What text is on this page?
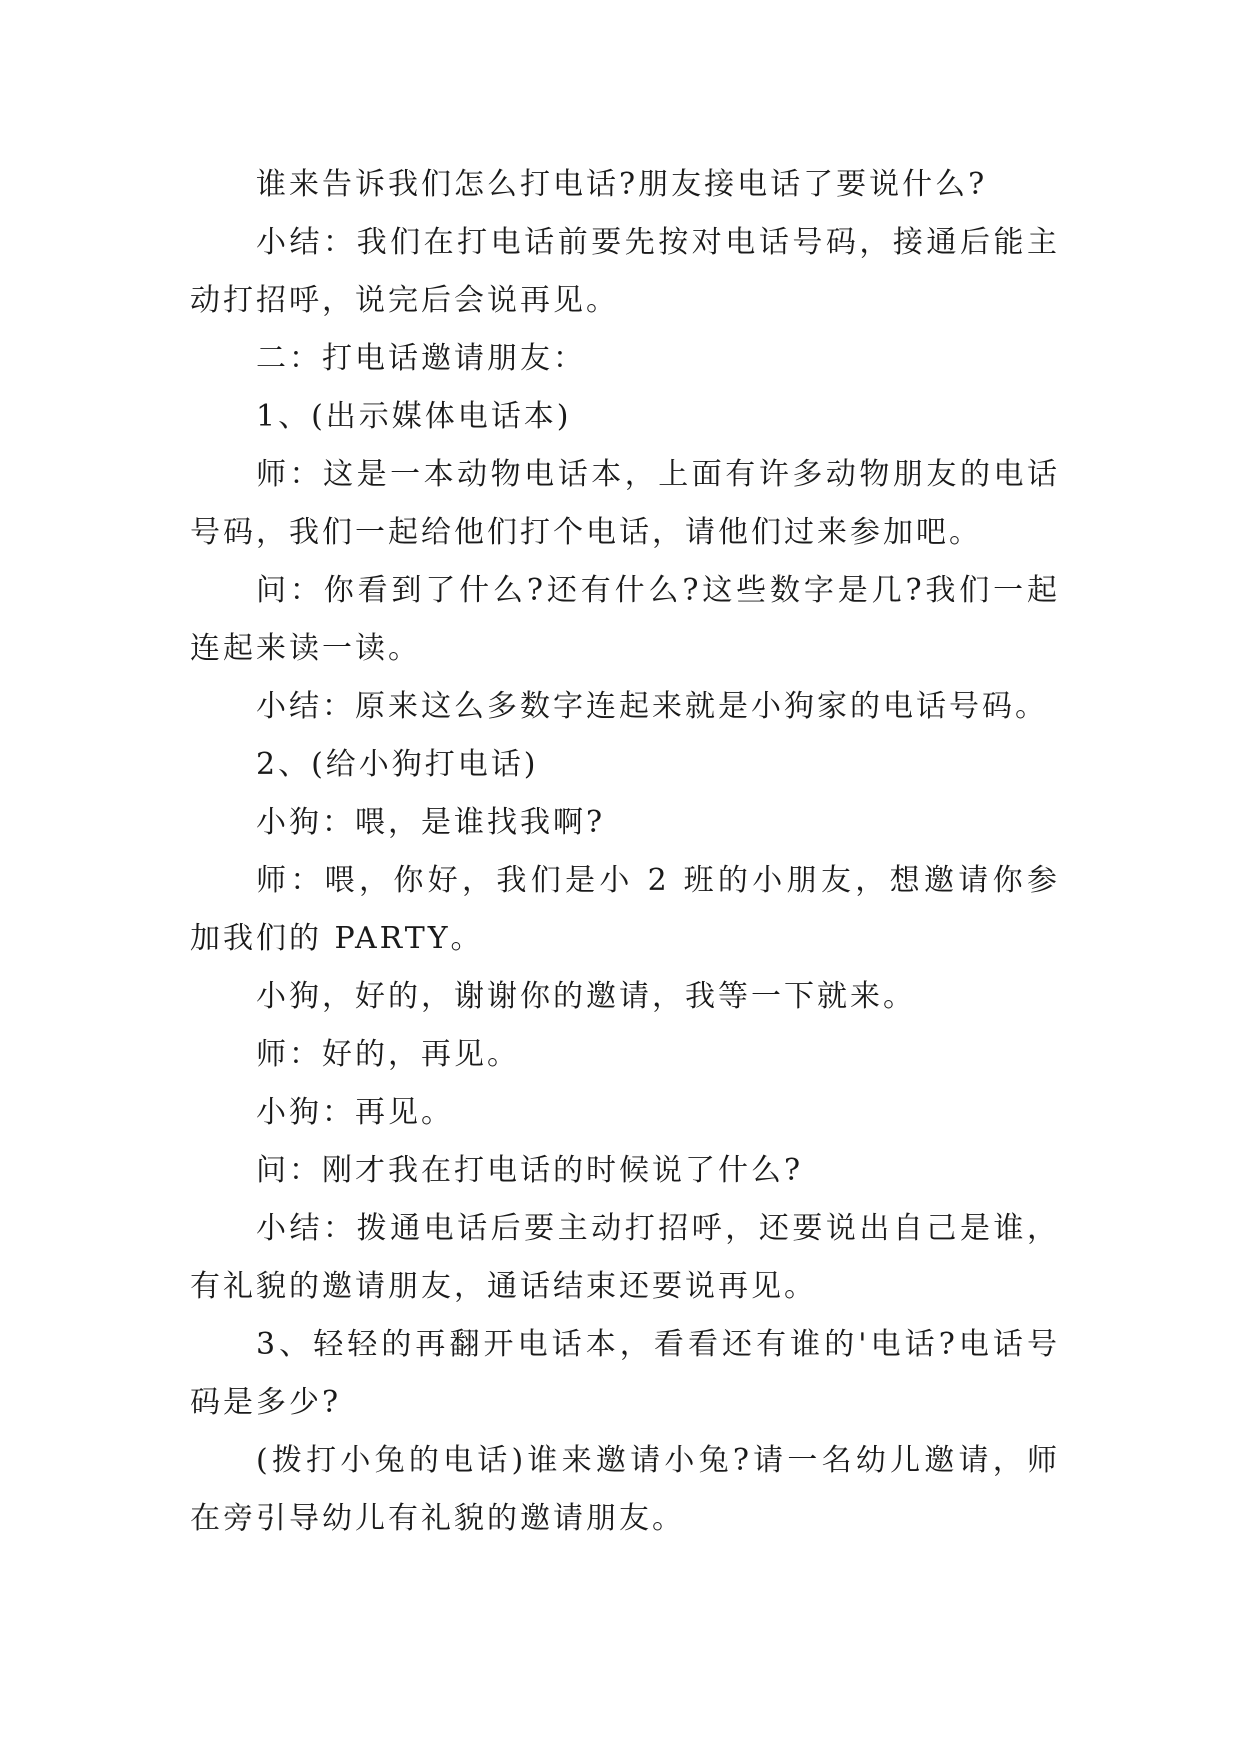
谁来告诉我们怎么打电话?朋友接电话了要说什么?

小结：我们在打电话前要先按对电话号码，接通后能主动打招呼，说完后会说再见。

二：打电话邀请朋友：

1、(出示媒体电话本)

师：这是一本动物电话本，上面有许多动物朋友的电话号码，我们一起给他们打个电话，请他们过来参加吧。

问：你看到了什么?还有什么?这些数字是几?我们一起连起来读一读。

小结：原来这么多数字连起来就是小狗家的电话号码。

2、(给小狗打电话)

小狗：喂，是谁找我啊?

师：喂，你好，我们是小 2 班的小朋友，想邀请你参加我们的 PARTY。

小狗，好的，谢谢你的邀请，我等一下就来。

师：好的，再见。

小狗：再见。

问：刚才我在打电话的时候说了什么?

小结：拨通电话后要主动打招呼，还要说出自己是谁，有礼貌的邀请朋友，通话结束还要说再见。

3、轻轻的再翻开电话本，看看还有谁的'电话?电话号码是多少?

(拨打小兔的电话)谁来邀请小兔?请一名幼儿邀请，师在旁引导幼儿有礼貌的邀请朋友。
